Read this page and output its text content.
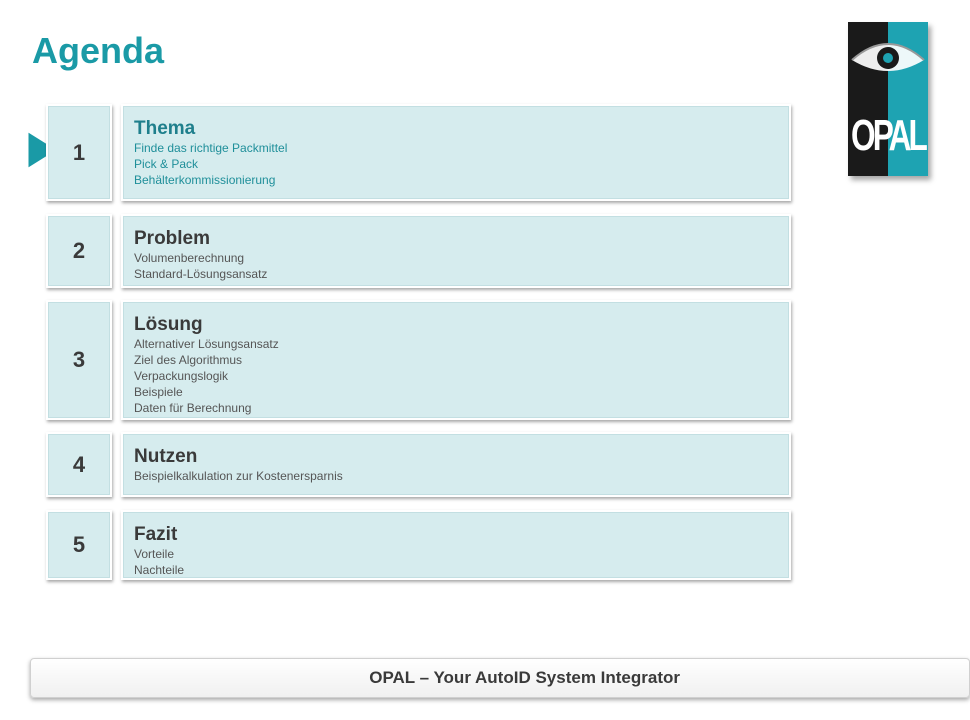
Agenda
OPAL
1
Thema
Finde das richtige Packmittel
Pick & Pack
Behälterkommissionierung
2	Problem
Volumenberechnung
Standard-Lösungsansatz
3
Lösung
Alternativer Lösungsansatz
Ziel des Algorithmus
Verpackungslogik
Beispiele
Daten für Berechnung
4	Nutzen
Beispielkalkulation zur Kostenersparnis
5	Fazit
Vorteile
Nachteile
OPAL – Your AutoID System Integrator
